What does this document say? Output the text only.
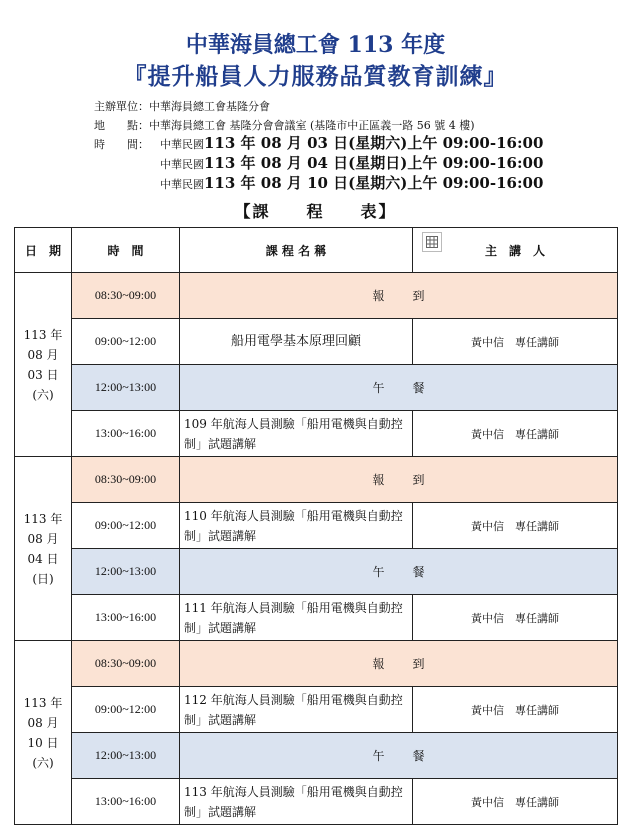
中華海員總工會 113 年度
『提升船員人力服務品質教育訓練』
主辦單位：中華海員總工會基隆分會
地　　點：中華海員總工會 基隆分會會議室 (基隆市中正區義一路 56 號 4 樓)
時　　間： 中華民國113 年 08 月 03 日(星期六)上午 09:00-16:00
中華民國113 年 08 月 04 日(星期日)上午 09:00-16:00
中華民國113 年 08 月 10 日(星期六)上午 09:00-16:00
【課　　程　　表】
日　期	時　間	課 程 名 稱	主　講　人

113 年
08 月
03 日
(六)	08:30~09:00	報到	
	09:00~12:00	船用電學基本原理回顧	黃中信　專任講師
	12:00~13:00	午餐	
	13:00~16:00	109 年航海人員測驗「船用電機與自動控制」試題講解	黃中信　專任講師

113 年
08 月
04 日
(日)	08:30~09:00	報到	
	09:00~12:00	110 年航海人員測驗「船用電機與自動控制」試題講解	黃中信　專任講師
	12:00~13:00	午餐	
	13:00~16:00	111 年航海人員測驗「船用電機與自動控制」試題講解	黃中信　專任講師

113 年
08 月
10 日
(六)	08:30~09:00	報到	
	09:00~12:00	112 年航海人員測驗「船用電機與自動控制」試題講解	黃中信　專任講師
	12:00~13:00	午餐	
	13:00~16:00	113 年航海人員測驗「船用電機與自動控制」試題講解	黃中信　專任講師
